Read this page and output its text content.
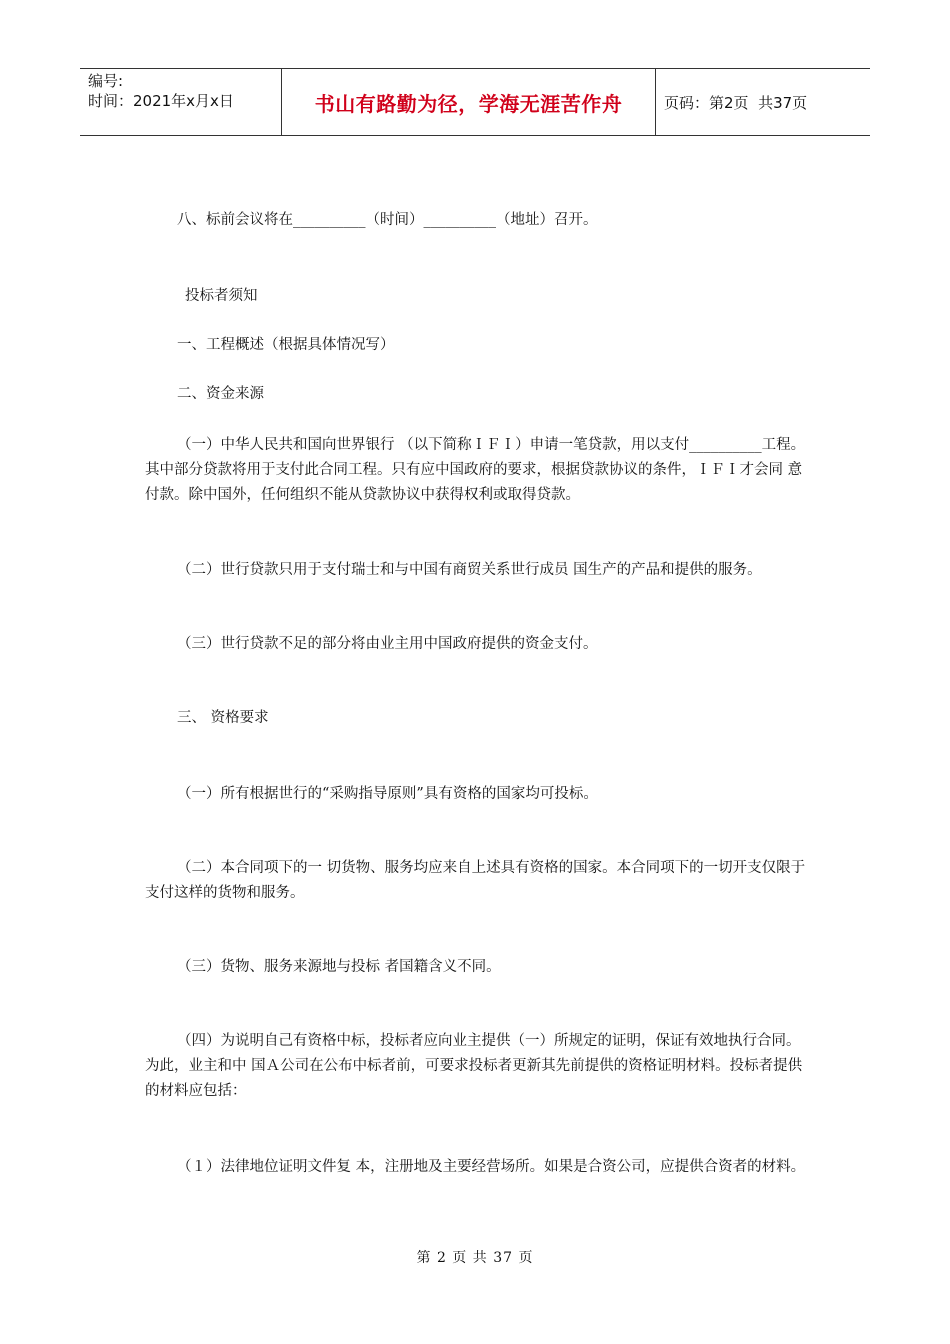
编号:
时间：2021年x月x日	书山有路勤为径，学海无涯苦作舟	页码：第2页  共37页
八、标前会议将在__________（时间）__________（地址）召开。
投标者须知
一、工程概述（根据具体情况写）
二、资金来源
（一）中华人民共和国向世界银行 （以下简称ＩＦＩ）申请一笔贷款，用以支付__________工程。其中部分贷款将用于支付此合同工程。只有应中国政府的要求，根据贷款协议的条件，ＩＦＩ才会同 意付款。除中国外，任何组织不能从贷款协议中获得权利或取得贷款。
（二）世行贷款只用于支付瑞士和与中国有商贸关系世行成员 国生产的产品和提供的服务。
（三）世行贷款不足的部分将由业主用中国政府提供的资金支付。
三、 资格要求
（一）所有根据世行的“采购指导原则”具有资格的国家均可投标。
（二）本合同项下的一 切货物、服务均应来自上述具有资格的国家。本合同项下的一切开支仅限于支付这样的货物和服务。
（三）货物、服务来源地与投标 者国籍含义不同。
（四）为说明自己有资格中标，投标者应向业主提供（一）所规定的证明，保证有效地执行合同。为此，业主和中 国Ａ公司在公布中标者前，可要求投标者更新其先前提供的资格证明材料。投标者提供的材料应包括：
（１）法律地位证明文件复 本，注册地及主要经营场所。如果是合资公司，应提供合资者的材料。
第 2 页 共 37 页
